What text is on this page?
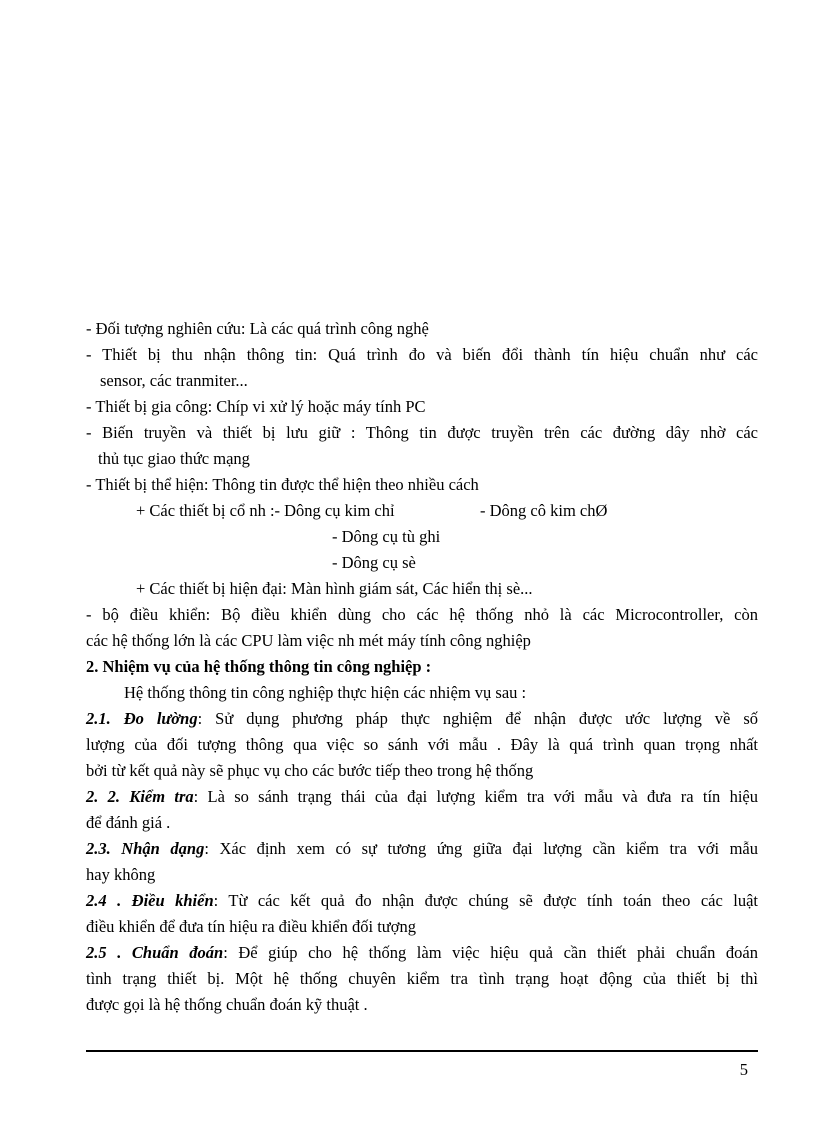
- Đối tượng nghiên cứu: Là các quá trình công nghệ
- Thiết bị thu nhận thông tin: Quá trình đo và biến đổi thành tín hiệu chuẩn như các
sensor, các tranmiter...
- Thiết bị gia công: Chíp vi xử lý hoặc máy tính PC
- Biến truyền và thiết bị lưu giữ : Thông tin được truyền trên các đường dây nhờ các
thủ tục giao thức mạng
- Thiết bị thể hiện: Thông tin được thể hiện theo nhiều cách
+ Các thiết bị cổ nh :- Dông cụ kim chỉ	- Dông cô kim chØ
- Dông cụ tù ghi
- Dông cụ sè
+ Các thiết bị hiện đại: Màn hình giám sát, Các hiển thị sè...
- bộ điều khiển: Bộ điều khiển dùng cho các hệ thống nhỏ là các Microcontroller, còn
các hệ thống lớn là các CPU làm việc nh mét máy tính công nghiệp
2. Nhiệm vụ của hệ thống thông tin công nghiệp :
Hệ thống thông tin công nghiệp thực hiện các nhiệm vụ sau :
2.1. Đo lường: Sử dụng phương pháp thực nghiệm để nhận được ước lượng về số
lượng của đối tượng thông qua việc so sánh với mẫu . Đây là quá trình quan trọng nhất
bởi từ kết quả này sẽ phục vụ cho các bước tiếp theo trong hệ thống
2. 2. Kiểm tra: Là so sánh trạng thái của đại lượng kiểm tra với mẫu và đưa ra tín hiệu
để đánh giá .
2.3. Nhận dạng: Xác định xem có sự tương ứng giữa đại lượng cần kiểm tra với mẫu
hay không
2.4 . Điều khiển: Từ các kết quả đo nhận được chúng sẽ được tính toán theo các luật
điều khiển để đưa tín hiệu ra điều khiển đối tượng
2.5 . Chuẩn đoán: Để giúp cho hệ thống làm việc hiệu quả cần thiết phải chuẩn đoán
tình trạng thiết bị. Một hệ thống chuyên kiểm tra tình trạng hoạt động của thiết bị thì
được gọi là hệ thống chuẩn đoán kỹ thuật .
5
